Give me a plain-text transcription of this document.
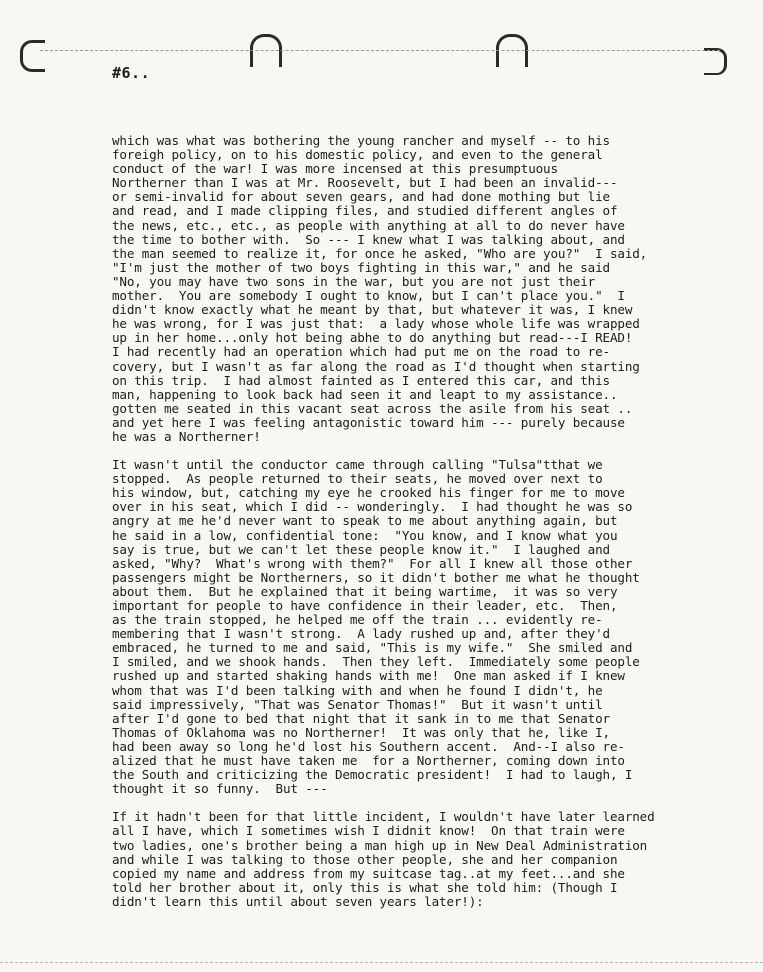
#6..
which was what was bothering the young rancher and myself -- to his
foreigh policy, on to his domestic policy, and even to the general
conduct of the war! I was more incensed at this presumptuous
Northerner than I was at Mr. Roosevelt, but I had been an invalid---
or semi-invalid for about seven gears, and had done mothing but lie
and read, and I made clipping files, and studied different angles of
the news, etc., etc., as people with anything at all to do never have
the time to bother with.  So --- I knew what I was talking about, and
the man seemed to realize it, for once he asked, "Who are you?"  I said,
"I'm just the mother of two boys fighting in this war," and he said
"No, you may have two sons in the war, but you are not just their
mother.  You are somebody I ought to know, but I can't place you."  I
didn't know exactly what he meant by that, but whatever it was, I knew
he was wrong, for I was just that:  a lady whose whole life was wrapped
up in her home...only hot being abhe to do anything but read---I READ!
I had recently had an operation which had put me on the road to re-
covery, but I wasn't as far along the road as I'd thought when starting
on this trip.  I had almost fainted as I entered this car, and this
man, happening to look back had seen it and leapt to my assistance..
gotten me seated in this vacant seat across the asile from his seat ..
and yet here I was feeling antagonistic toward him --- purely because
he was a Northerner!
It wasn't until the conductor came through calling "Tulsa"tthat we
stopped.  As people returned to their seats, he moved over next to
his window, but, catching my eye he crooked his finger for me to move
over in his seat, which I did -- wonderingly.  I had thought he was so
angry at me he'd never want to speak to me about anything again, but
he said in a low, confidential tone:  "You know, and I know what you
say is true, but we can't let these people know it."  I laughed and
asked, "Why?  What's wrong with them?"  For all I knew all those other
passengers might be Northerners, so it didn't bother me what he thought
about them.  But he explained that it being wartime,  it was so very
important for people to have confidence in their leader, etc.  Then,
as the train stopped, he helped me off the train ... evidently re-
membering that I wasn't strong.  A lady rushed up and, after they'd
embraced, he turned to me and said, "This is my wife."  She smiled and
I smiled, and we shook hands.  Then they left.  Immediately some people
rushed up and started shaking hands with me!  One man asked if I knew
whom that was I'd been talking with and when he found I didn't, he
said impressively, "That was Senator Thomas!"  But it wasn't until
after I'd gone to bed that night that it sank in to me that Senator
Thomas of Oklahoma was no Northerner!  It was only that he, like I,
had been away so long he'd lost his Southern accent.  And--I also re-
alized that he must have taken me  for a Northerner, coming down into
the South and criticizing the Democratic president!  I had to laugh, I
thought it so funny.  But ---
If it hadn't been for that little incident, I wouldn't have later learned
all I have, which I sometimes wish I didnit know!  On that train were
two ladies, one's brother being a man high up in New Deal Administration
and while I was talking to those other people, she and her companion
copied my name and address from my suitcase tag..at my feet...and she
told her brother about it, only this is what she told him: (Though I
didn't learn this until about seven years later!):
